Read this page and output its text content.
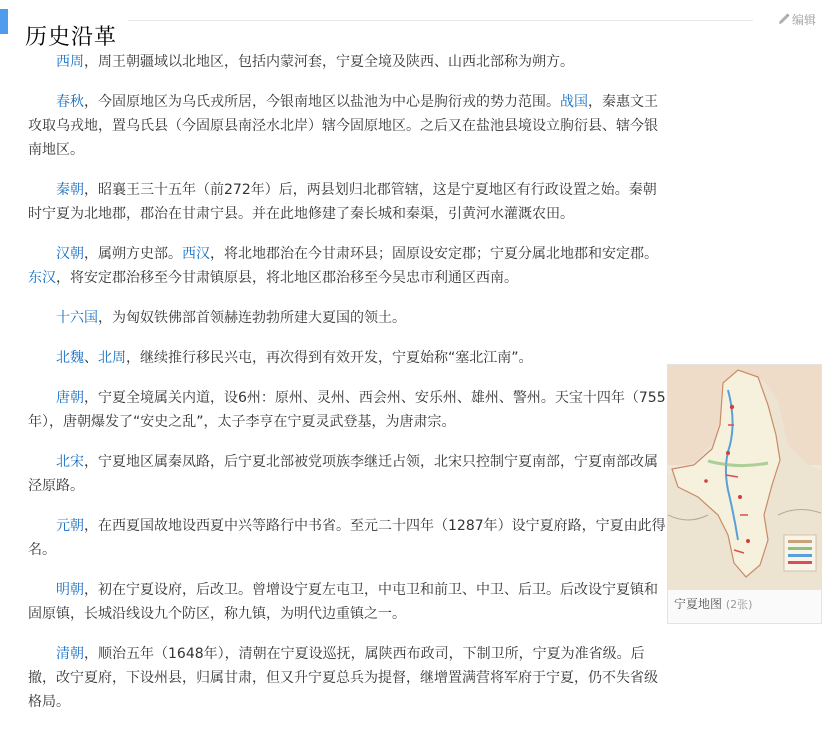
历史沿革
编辑

西周，周王朝疆域以北地区，包括内蒙河套，宁夏全境及陕西、山西北部称为朔方。

春秋，今固原地区为乌氏戎所居，今银南地区以盐池为中心是朐衍戎的势力范围。战国，秦惠文王攻取乌戎地，置乌氏县（今固原县南泾水北岸）辖今固原地区。之后又在盐池县境设立朐衍县、辖今银南地区。

秦朝，昭襄王三十五年（前272年）后，两县划归北郡管辖，这是宁夏地区有行政设置之始。秦朝时宁夏为北地郡，郡治在甘肃宁县。并在此地修建了秦长城和秦渠，引黄河水灌溉农田。

汉朝，属朔方史部。西汉，将北地郡治在今甘肃环县；固原设安定郡；宁夏分属北地郡和安定郡。东汉，将安定郡治移至今甘肃镇原县，将北地区郡治移至今吴忠市利通区西南。

十六国，为匈奴铁佛部首领赫连勃勃所建大夏国的领土。

北魏、北周，继续推行移民兴屯，再次得到有效开发，宁夏始称“塞北江南”。

唐朝，宁夏全境属关内道，设6州：原州、灵州、西会州、安乐州、雄州、警州。天宝十四年（755年），唐朝爆发了“安史之乱”，太子李亨在宁夏灵武登基，为唐肃宗。

北宋，宁夏地区属秦凤路，后宁夏北部被党项族李继迁占领，北宋只控制宁夏南部，宁夏南部改属泾原路。

元朝，在西夏国故地设西夏中兴等路行中书省。至元二十四年（1287年）设宁夏府路，宁夏由此得名。

明朝，初在宁夏设府，后改卫。曾增设宁夏左屯卫，中屯卫和前卫、中卫、后卫。后改设宁夏镇和固原镇，长城沿线设九个防区，称九镇，为明代边重镇之一。

清朝，顺治五年（1648年），清朝在宁夏设巡抚，属陕西布政司，下制卫所，宁夏为准省级。后撤，改宁夏府，下设州县，归属甘肃，但又升宁夏总兵为提督，继增置满营将军府于宁夏，仍不失省级格局。

宁夏地图 (2张)
